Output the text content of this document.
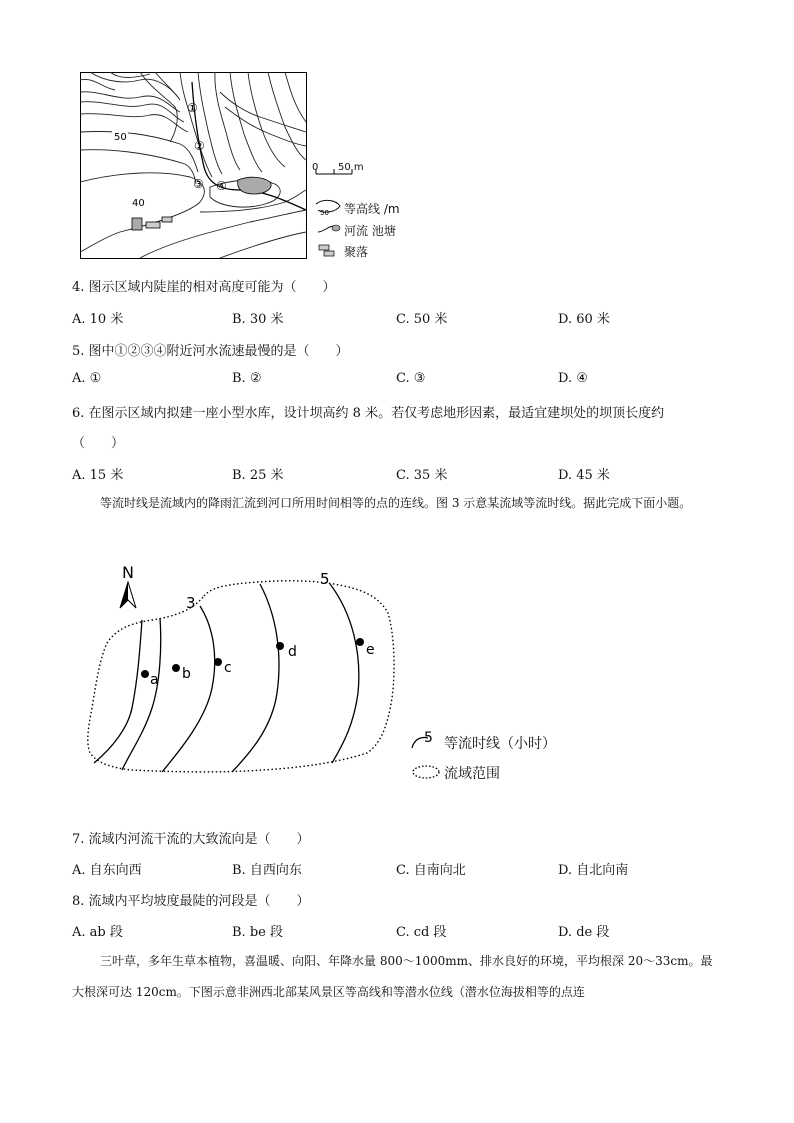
50
40
①
②
③ ④
0 50 m
50 等高线 /m
河流 池塘
聚落
4. 图示区域内陡崖的相对高度可能为（　　）
A. 10 米	B. 30 米	C. 50 米	D. 60 米
5. 图中①②③④附近河水流速最慢的是（　　）
A. ①	B. ②	C. ③	D. ④
6. 在图示区域内拟建一座小型水库，设计坝高约 8 米。若仅考虑地形因素，最适宜建坝处的坝顶长度约
（　　）
A. 15 米	B. 25 米	C. 35 米	D. 45 米
等流时线是流域内的降雨汇流到河口所用时间相等的点的连线。图 3 示意某流域等流时线。据此完成下面小题。
N
3
5
a b c
d	e
5 等流时线（小时）
流域范围
7. 流域内河流干流的大致流向是（　　）
A. 自东向西	B. 自西向东	C. 自南向北	D. 自北向南
8. 流域内平均坡度最陡的河段是（　　）
A. ab 段	B. be 段	C. cd 段	D. de 段
三叶草，多年生草本植物，喜温暖、向阳、年降水量 800～1000mm、排水良好的环境，平均根深 20～33cm。最大根深可达 120cm。下图示意非洲西北部某风景区等高线和等潜水位线（潜水位海拔相等的点连
